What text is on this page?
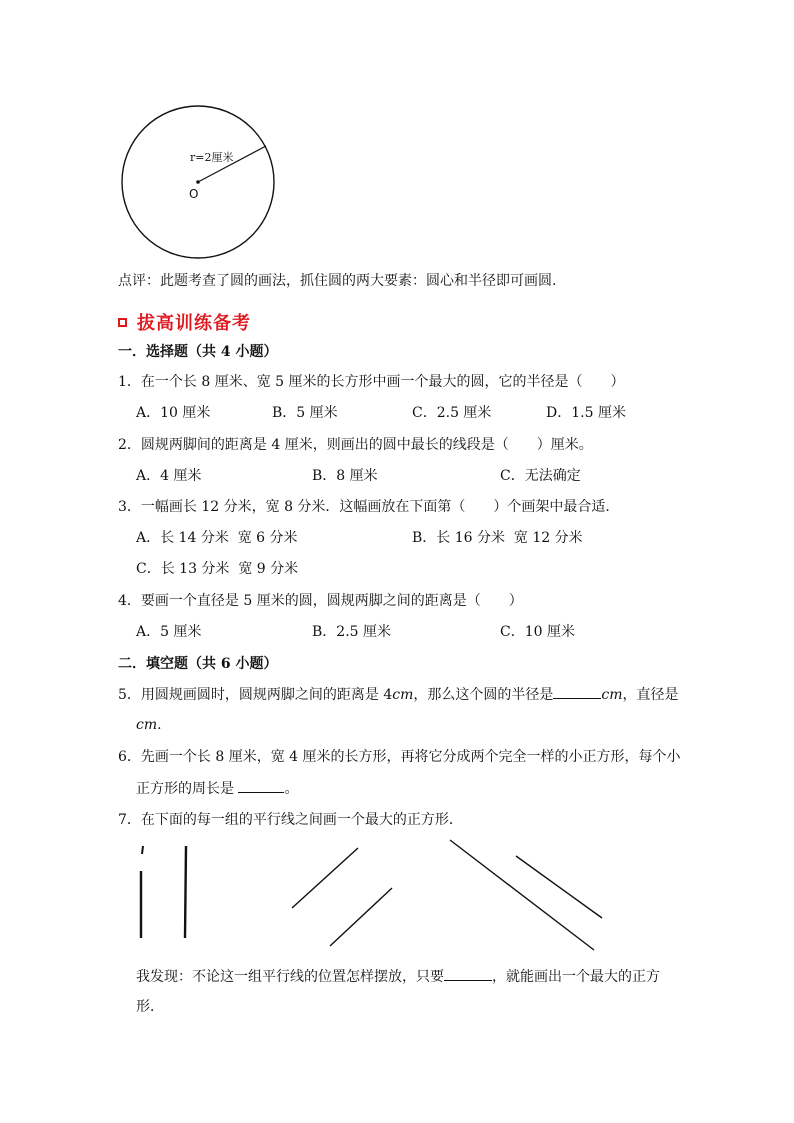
r=2厘米
O
点评：此题考查了圆的画法，抓住圆的两大要素：圆心和半径即可画圆.
拔高训练备考
一．选择题（共 4 小题）
1．在一个长 8 厘米、宽 5 厘米的长方形中画一个最大的圆，它的半径是（　　）
A．10 厘米	B．5 厘米	C．2.5 厘米	D．1.5 厘米
2．圆规两脚间的距离是 4 厘米，则画出的圆中最长的线段是（　　）厘米。
A．4 厘米	B．8 厘米	C．无法确定
3．一幅画长 12 分米，宽 8 分米．这幅画放在下面第（　　）个画架中最合适．
A．长 14 分米  宽 6 分米	B．长 16 分米  宽 12 分米
C．长 13 分米  宽 9 分米
4．要画一个直径是 5 厘米的圆，圆规两脚之间的距离是（　　）
A．5 厘米	B．2.5 厘米	C．10 厘米
二．填空题（共 6 小题）
5．用圆规画圆时，圆规两脚之间的距离是 4cm，那么这个圆的半径是	cm，直径是
cm.
6．先画一个长 8 厘米，宽 4 厘米的长方形，再将它分成两个完全一样的小正方形，每个小
正方形的周长是	。
7．在下面的每一组的平行线之间画一个最大的正方形．
我发现：不论这一组平行线的位置怎样摆放，只要	，就能画出一个最大的正方
形．
